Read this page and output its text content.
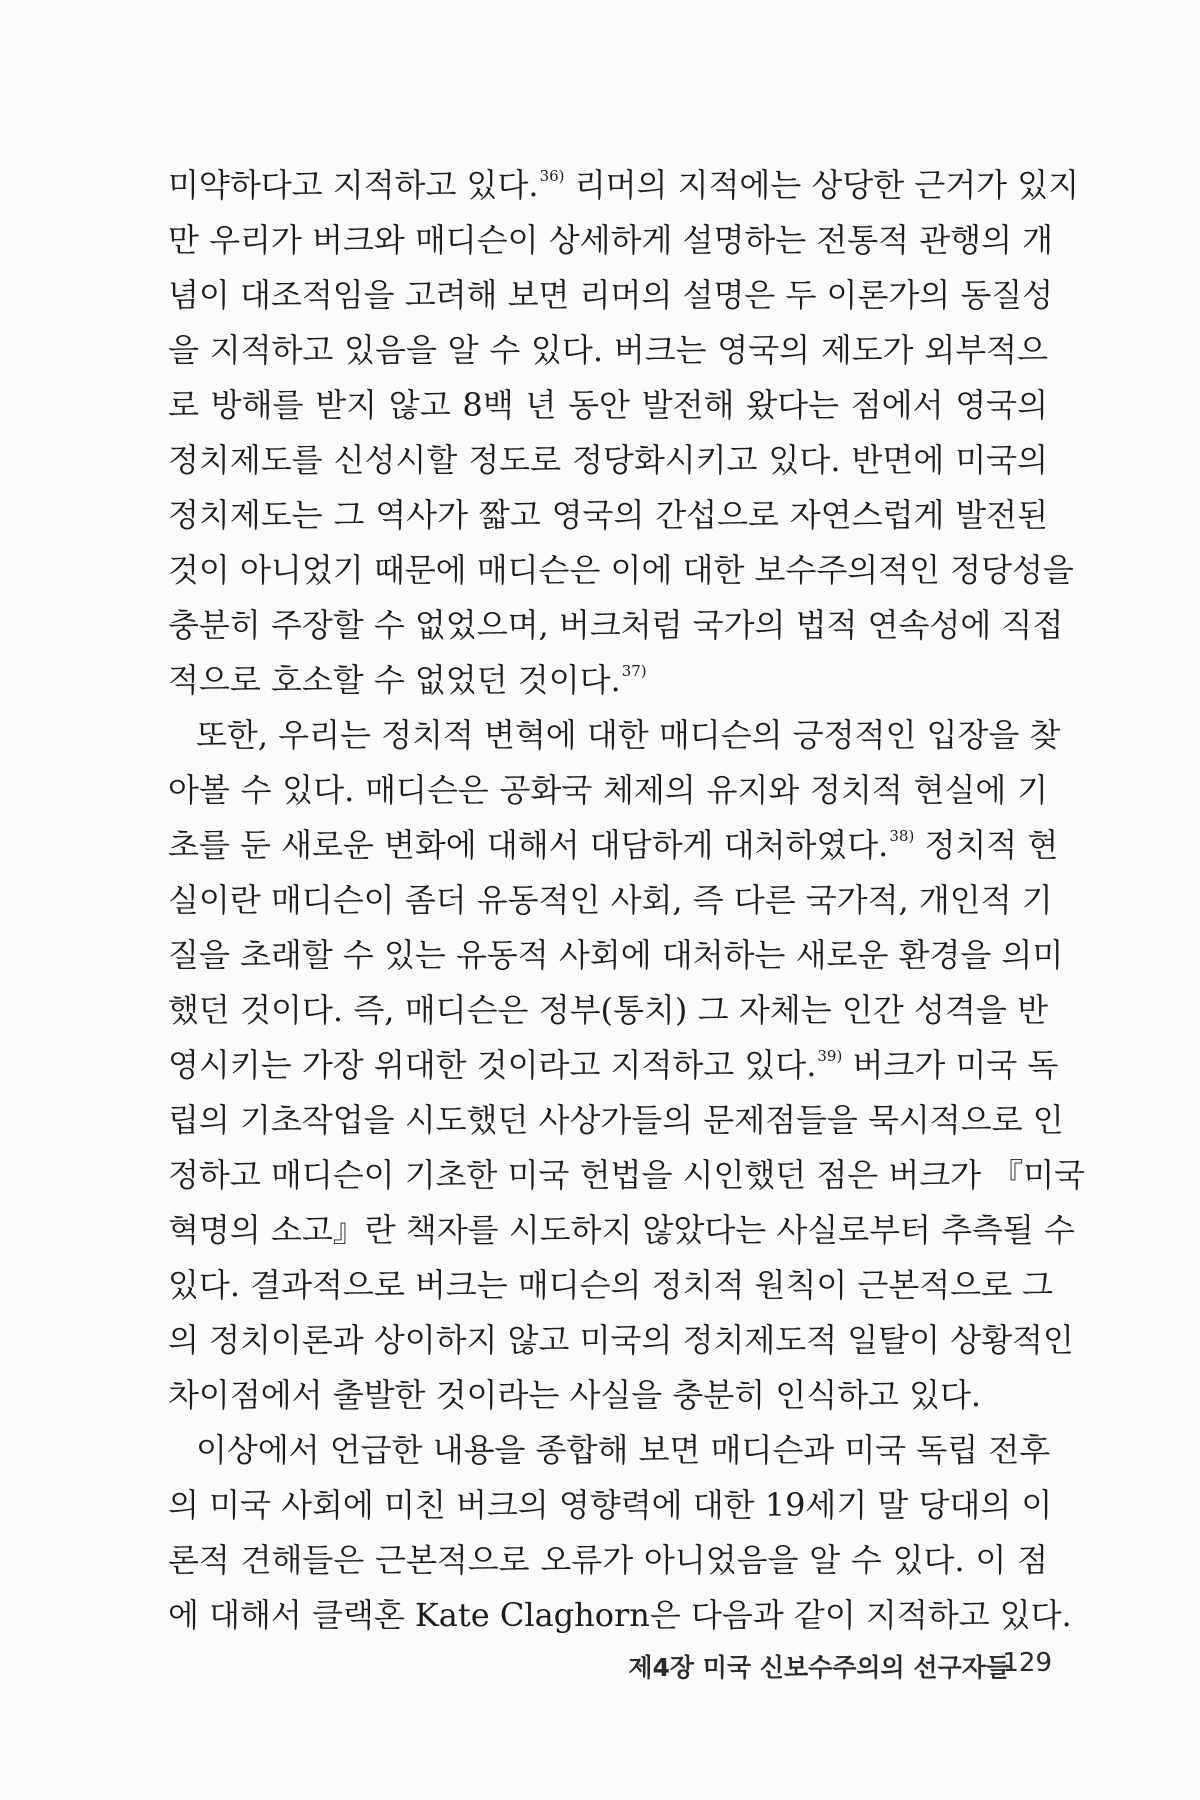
미약하다고 지적하고 있다.$^{36)}$ 리머의 지적에는 상당한 근거가 있지
만 우리가 버크와 매디슨이 상세하게 설명하는 전통적 관행의 개
념이 대조적임을 고려해 보면 리머의 설명은 두 이론가의 동질성
을 지적하고 있음을 알 수 있다. 버크는 영국의 제도가 외부적으
로 방해를 받지 않고 8백 년 동안 발전해 왔다는 점에서 영국의
정치제도를 신성시할 정도로 정당화시키고 있다. 반면에 미국의
정치제도는 그 역사가 짧고 영국의 간섭으로 자연스럽게 발전된
것이 아니었기 때문에 매디슨은 이에 대한 보수주의적인 정당성을
충분히 주장할 수 없었으며, 버크처럼 국가의 법적 연속성에 직접
적으로 호소할 수 없었던 것이다.$^{37)}$
또한, 우리는 정치적 변혁에 대한 매디슨의 긍정적인 입장을 찾
아볼 수 있다. 매디슨은 공화국 체제의 유지와 정치적 현실에 기
초를 둔 새로운 변화에 대해서 대담하게 대처하였다.$^{38)}$ 정치적 현
실이란 매디슨이 좀더 유동적인 사회, 즉 다른 국가적, 개인적 기
질을 초래할 수 있는 유동적 사회에 대처하는 새로운 환경을 의미
했던 것이다. 즉, 매디슨은 정부(통치) 그 자체는 인간 성격을 반
영시키는 가장 위대한 것이라고 지적하고 있다.$^{39)}$ 버크가 미국 독
립의 기초작업을 시도했던 사상가들의 문제점들을 묵시적으로 인
정하고 매디슨이 기초한 미국 헌법을 시인했던 점은 버크가 『미국
혁명의 소고』란 책자를 시도하지 않았다는 사실로부터 추측될 수
있다. 결과적으로 버크는 매디슨의 정치적 원칙이 근본적으로 그
의 정치이론과 상이하지 않고 미국의 정치제도적 일탈이 상황적인
차이점에서 출발한 것이라는 사실을 충분히 인식하고 있다.
이상에서 언급한 내용을 종합해 보면 매디슨과 미국 독립 전후
의 미국 사회에 미친 버크의 영향력에 대한 19세기 말 당대의 이
론적 견해들은 근본적으로 오류가 아니었음을 알 수 있다. 이 점
에 대해서 클랙혼 Kate Claghorn은 다음과 같이 지적하고 있다.
제4장 미국 신보수주의의 선구자들
129
